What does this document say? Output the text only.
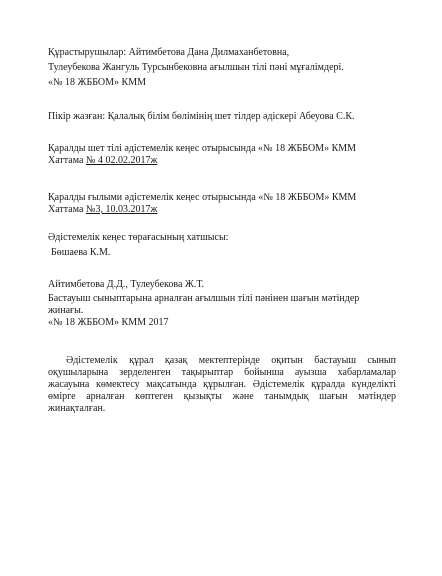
Құрастырушылар: Айтимбетова Дана Дилмаханбетовна,
Тулеубекова Жангуль Турсынбековна ағылшын тілі пәні мұғалімдері.
«№ 18 ЖББОМ» КММ
Пікір жазған: Қалалық білім бөлімінің шет тілдер әдіскері Абеуова С.К.
Қаралды шет тілі әдістемелік кеңес отырысында «№ 18 ЖББОМ» КММ
Хаттама № 4 02.02.2017ж
Қаралды ғылыми әдістемелік кеңес отырысында «№ 18 ЖББОМ» КММ
Хаттама №3, 10.03.2017ж
Әдістемелік кеңес төрағасының хатшысы:
Бөшаева К.М.
Айтимбетова Д.Д., Тулеубекова Ж.Т.
Бастауыш сыныптарына арналған ағылшын тілі пәнінен шағын мәтіндер
жинағы.
«№ 18 ЖББОМ» КММ 2017
Әдістемелік құрал қазақ мектептерінде оқитын бастауыш сынып оқушыларына зерделенген тақырыптар бойынша ауызша хабарламалар жасауына көмектесу мақсатында құрылған. Әдістемелік құралда күнделікті өмірге арналған көптеген қызықты және танымдық шағын мәтіндер жинақталған.
